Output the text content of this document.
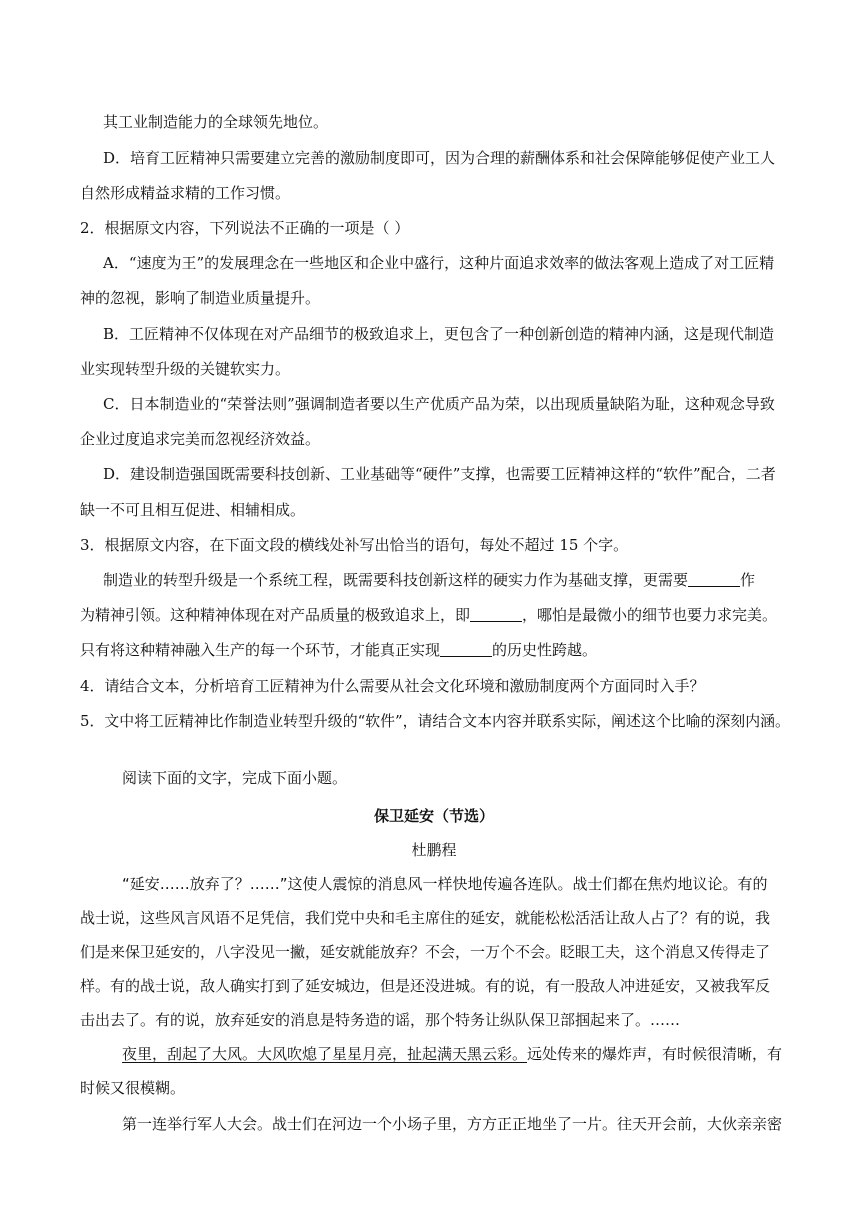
其工业制造能力的全球领先地位。
D．培育工匠精神只需要建立完善的激励制度即可，因为合理的薪酬体系和社会保障能够促使产业工人
自然形成精益求精的工作习惯。
2．根据原文内容，下列说法不正确的一项是（ ）
A．“速度为王”的发展理念在一些地区和企业中盛行，这种片面追求效率的做法客观上造成了对工匠精
神的忽视，影响了制造业质量提升。
B．工匠精神不仅体现在对产品细节的极致追求上，更包含了一种创新创造的精神内涵，这是现代制造
业实现转型升级的关键软实力。
C．日本制造业的“荣誉法则”强调制造者要以生产优质产品为荣，以出现质量缺陷为耻，这种观念导致
企业过度追求完美而忽视经济效益。
D．建设制造强国既需要科技创新、工业基础等“硬件”支撑，也需要工匠精神这样的“软件”配合，二者
缺一不可且相互促进、相辅相成。
3．根据原文内容，在下面文段的横线处补写出恰当的语句，每处不超过 15 个字。
制造业的转型升级是一个系统工程，既需要科技创新这样的硬实力作为基础支撑，更需要	作
为精神引领。这种精神体现在对产品质量的极致追求上，即	，哪怕是最微小的细节也要力求完美。
只有将这种精神融入生产的每一个环节，才能真正实现	的历史性跨越。
4．请结合文本，分析培育工匠精神为什么需要从社会文化环境和激励制度两个方面同时入手？
5．文中将工匠精神比作制造业转型升级的“软件”，请结合文本内容并联系实际，阐述这个比喻的深刻内涵。
阅读下面的文字，完成下面小题。
保卫延安（节选）
杜鹏程
“延安……放弃了？……”这使人震惊的消息风一样快地传遍各连队。战士们都在焦灼地议论。有的
战士说，这些风言风语不足凭信，我们党中央和毛主席住的延安，就能松松活活让敌人占了？有的说，我
们是来保卫延安的，八字没见一撇，延安就能放弃？不会，一万个不会。眨眼工夫，这个消息又传得走了
样。有的战士说，敌人确实打到了延安城边，但是还没进城。有的说，有一股敌人冲进延安，又被我军反
击出去了。有的说，放弃延安的消息是特务造的谣，那个特务让纵队保卫部掴起来了。……
夜里，刮起了大风。大风吹熄了星星月亮，扯起满天黑云彩。远处传来的爆炸声，有时候很清晰，有
时候又很模糊。
第一连举行军人大会。战士们在河边一个小场子里，方方正正地坐了一片。往天开会前，大伙亲亲密
